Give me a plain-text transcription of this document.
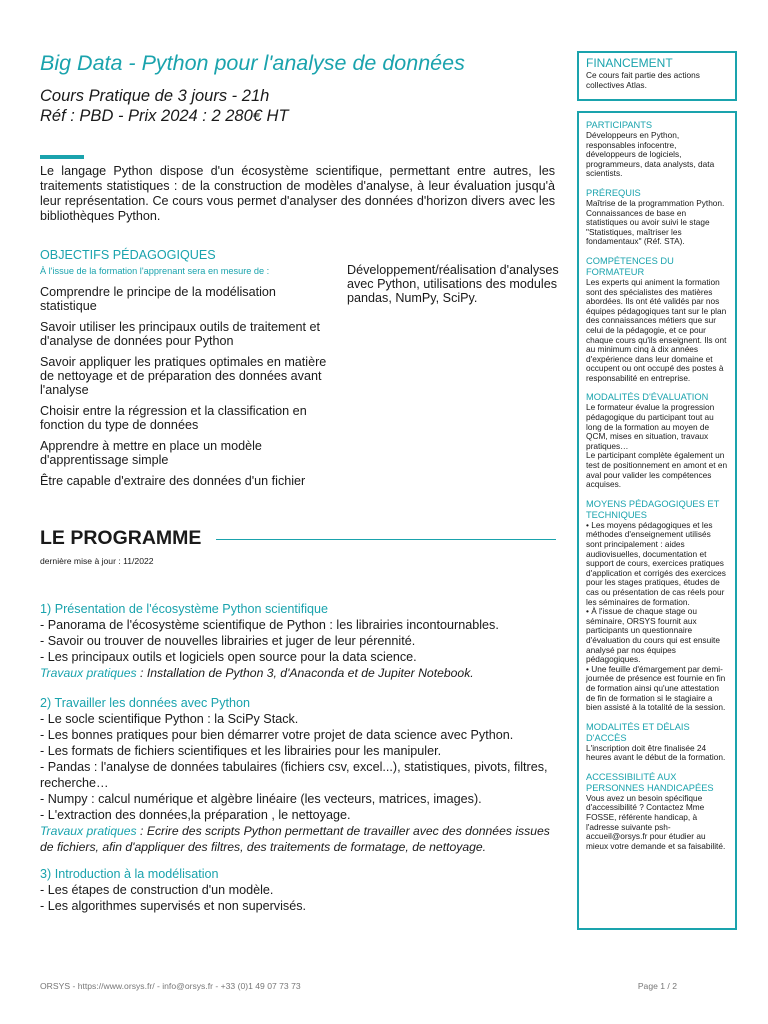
Big Data - Python pour l'analyse de données
Cours Pratique de 3 jours - 21h
Réf : PBD - Prix 2024 : 2 280€ HT

Le langage Python dispose d'un écosystème scientifique, permettant entre autres, les traitements statistiques : de la construction de modèles d'analyse, à leur évaluation jusqu'à leur représentation. Ce cours vous permet d'analyser des données d'horizon divers avec les bibliothèques Python.

OBJECTIFS PÉDAGOGIQUES
À l'issue de la formation l'apprenant sera en mesure de :
Comprendre le principe de la modélisation statistique
Savoir utiliser les principaux outils de traitement et d'analyse de données pour Python
Savoir appliquer les pratiques optimales en matière de nettoyage et de préparation des données avant l'analyse
Choisir entre la régression et la classification en fonction du type de données
Apprendre à mettre en place un modèle d'apprentissage simple
Être capable d'extraire des données d'un fichier

Développement/réalisation d'analyses avec Python, utilisations des modules pandas, NumPy, SciPy.

LE PROGRAMME
dernière mise à jour : 11/2022

1) Présentation de l'écosystème Python scientifique

- Panorama de l'écosystème scientifique de Python : les librairies incontournables.

- Savoir ou trouver de nouvelles librairies et juger de leur pérennité.

- Les principaux outils et logiciels open source pour la data science.

Travaux pratiques : Installation de Python 3, d'Anaconda et de Jupiter Notebook.

2) Travailler les données avec Python

- Le socle scientifique Python : la SciPy Stack.

- Les bonnes pratiques pour bien démarrer votre projet de data science avec Python.

- Les formats de fichiers scientifiques et les librairies pour les manipuler.

- Pandas : l'analyse de données tabulaires (fichiers csv, excel...), statistiques, pivots, filtres, recherche…

- Numpy : calcul numérique et algèbre linéaire (les vecteurs, matrices, images).

- L'extraction des données,la préparation , le nettoyage.

Travaux pratiques : Ecrire des scripts Python permettant de travailler avec des données issues de fichiers, afin d'appliquer des filtres, des traitements de formatage, de nettoyage.

3) Introduction à la modélisation

- Les étapes de construction d'un modèle.

- Les algorithmes supervisés et non supervisés.

FINANCEMENT

Ce cours fait partie des actions collectives Atlas.

PARTICIPANTS

Développeurs en Python, responsables infocentre, développeurs de logiciels, programmeurs, data analysts, data scientists.

PRÉREQUIS

Maîtrise de la programmation Python. Connaissances de base en statistiques ou avoir suivi le stage "Statistiques, maîtriser les fondamentaux" (Réf. STA).

COMPÉTENCES DU FORMATEUR

Les experts qui animent la formation sont des spécialistes des matières abordées. Ils ont été validés par nos équipes pédagogiques tant sur le plan des connaissances métiers que sur celui de la pédagogie, et ce pour chaque cours qu'ils enseignent. Ils ont au minimum cinq à dix années d'expérience dans leur domaine et occupent ou ont occupé des postes à responsabilité en entreprise.

MODALITÉS D'ÉVALUATION

Le formateur évalue la progression pédagogique du participant tout au long de la formation au moyen de QCM, mises en situation, travaux pratiques…
Le participant complète également un test de positionnement en amont et en aval pour valider les compétences acquises.

MOYENS PÉDAGOGIQUES ET TECHNIQUES

• Les moyens pédagogiques et les méthodes d'enseignement utilisés sont principalement : aides audiovisuelles, documentation et support de cours, exercices pratiques d'application et corrigés des exercices pour les stages pratiques, études de cas ou présentation de cas réels pour les séminaires de formation.
• À l'issue de chaque stage ou séminaire, ORSYS fournit aux participants un questionnaire d'évaluation du cours qui est ensuite analysé par nos équipes pédagogiques.
• Une feuille d'émargement par demi-journée de présence est fournie en fin de formation ainsi qu'une attestation de fin de formation si le stagiaire a bien assisté à la totalité de la session.

MODALITÉS ET DÉLAIS D'ACCÈS

L'inscription doit être finalisée 24 heures avant le début de la formation.

ACCESSIBILITÉ AUX PERSONNES HANDICAPÉES

Vous avez un besoin spécifique d'accessibilité ? Contactez Mme FOSSE, référente handicap, à l'adresse suivante psh-accueil@orsys.fr pour étudier au mieux votre demande et sa faisabilité.

ORSYS - https://www.orsys.fr/ - info@orsys.fr - +33 (0)1 49 07 73 73	Page 1 / 2
